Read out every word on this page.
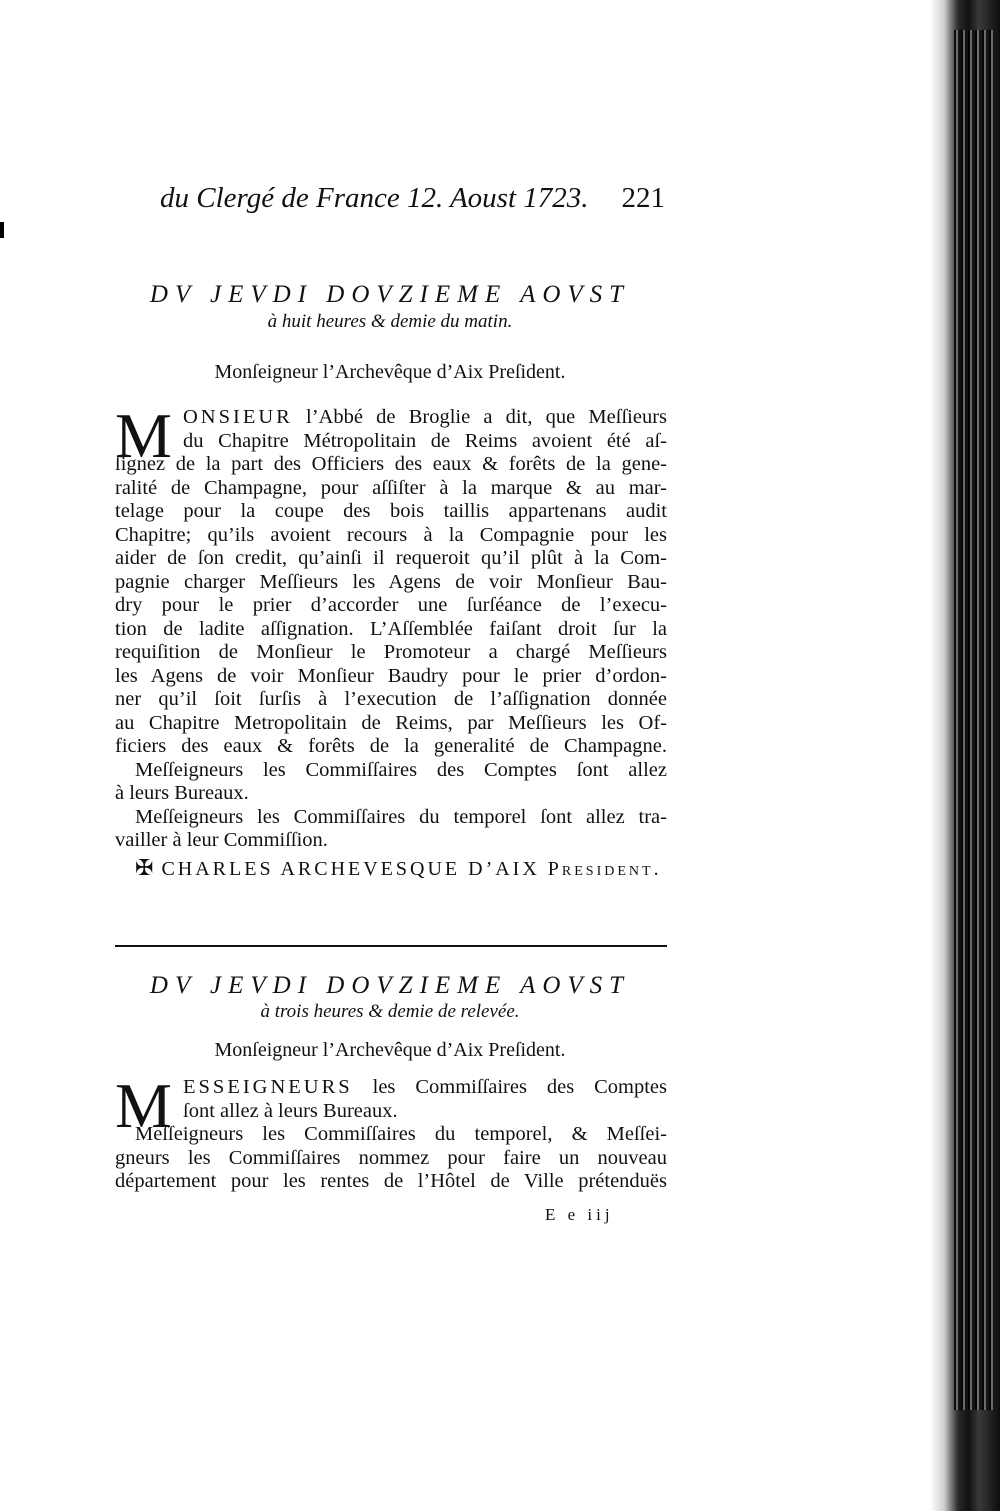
du Clergé de France 12. Aoust 1723. 221
DV JEVDI DOVZIEME AOVST
à huit heures & demie du matin.
Monſeigneur l’Archevêque d’Aix Preſident.
M ONSIEUR l’Abbé de Broglie a dit, que Meſſieurs
du Chapitre Métropolitain de Reims avoient été aſ-
ſignez de la part des Officiers des eaux & forêts de la gene-
ralité de Champagne, pour aſſiſter à la marque & au mar-
telage pour la coupe des bois taillis appartenans audit
Chapitre; qu’ils avoient recours à la Compagnie pour les
aider de ſon credit, qu’ainſi il requeroit qu’il plût à la Com-
pagnie charger Meſſieurs les Agens de voir Monſieur Bau-
dry pour le prier d’accorder une ſurſéance de l’execu-
tion de ladite aſſignation. L’Aſſemblée faiſant droit ſur la
requiſition de Monſieur le Promoteur a chargé Meſſieurs
les Agens de voir Monſieur Baudry pour le prier d’ordon-
ner qu’il ſoit ſurſis à l’execution de l’aſſignation donnée
au Chapitre Metropolitain de Reims, par Meſſieurs les Of-
ficiers des eaux & forêts de la generalité de Champagne.
Meſſeigneurs les Commiſſaires des Comptes ſont allez
à leurs Bureaux.
Meſſeigneurs les Commiſſaires du temporel ſont allez tra-
vailler à leur Commiſſion.
✠ CHARLES ARCHEVESQUE D’AIX Preſident.
DV JEVDI DOVZIEME AOVST
à trois heures & demie de relevée.
Monſeigneur l’Archevêque d’Aix Preſident.
M ESSEIGNEURS les Commiſſaires des Comptes
ſont allez à leurs Bureaux.
Meſſeigneurs les Commiſſaires du temporel, & Meſſei-
gneurs les Commiſſaires nommez pour faire un nouveau
département pour les rentes de l’Hôtel de Ville prétenduës
E e iij
